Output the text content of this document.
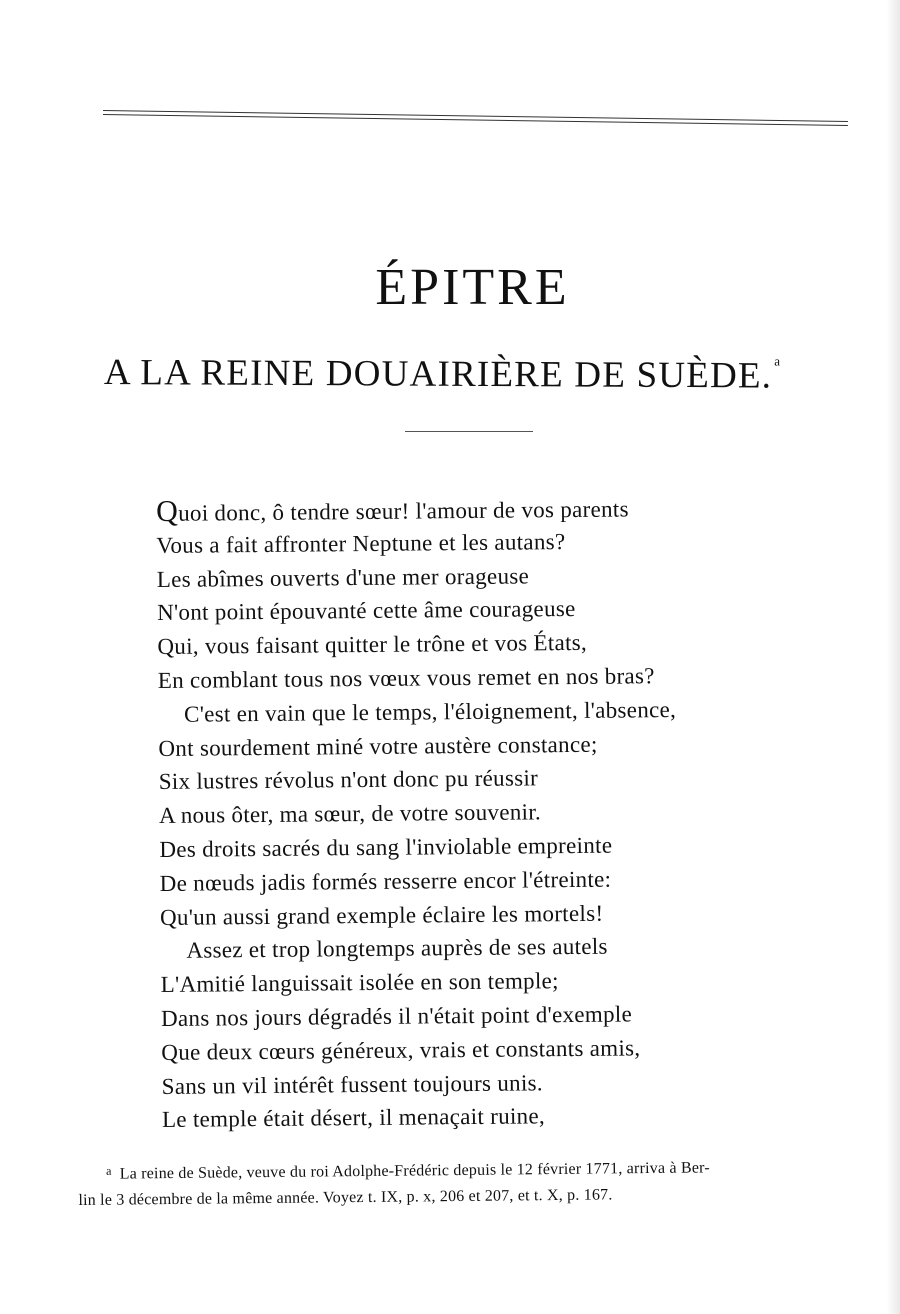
ÉPITRE
A LA REINE DOUAIRIÈRE DE SUÈDE. $^a$
Quoi donc, ô tendre sœur! l'amour de vos parents
Vous a fait affronter Neptune et les autans?
Les abîmes ouverts d'une mer orageuse
N'ont point épouvanté cette âme courageuse
Qui, vous faisant quitter le trône et vos États,
En comblant tous nos vœux vous remet en nos bras?
C'est en vain que le temps, l'éloignement, l'absence,
Ont sourdement miné votre austère constance;
Six lustres révolus n'ont donc pu réussir
A nous ôter, ma sœur, de votre souvenir.
Des droits sacrés du sang l'inviolable empreinte
De nœuds jadis formés resserre encor l'étreinte:
Qu'un aussi grand exemple éclaire les mortels!
Assez et trop longtemps auprès de ses autels
L'Amitié languissait isolée en son temple;
Dans nos jours dégradés il n'était point d'exemple
Que deux cœurs généreux, vrais et constants amis,
Sans un vil intérêt fussent toujours unis.
Le temple était désert, il menaçait ruine,
$^a$ La reine de Suède, veuve du roi Adolphe-Frédéric depuis le 12 février 1771, arriva à Ber-
lin le 3 décembre de la même année. Voyez t. IX, p. x, 206 et 207, et t. X, p. 167.
